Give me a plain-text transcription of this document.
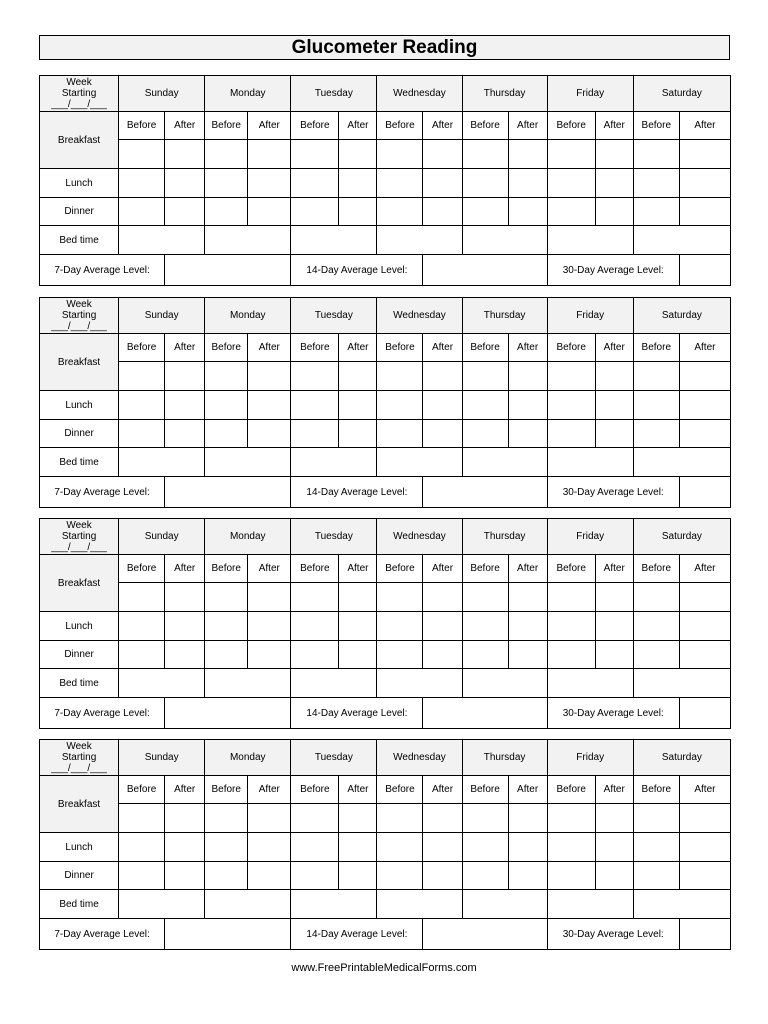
Glucometer Reading
Week
Starting
___/___/___	Sunday		Monday		Tuesday		Wednesday		Thursday		Friday		Saturday	
Breakfast	Before	After	Before	After	Before	After	Before	After	Before	After	Before	After	Before	After

Lunch														
Dinner														
Bed time														
7-Day Average Level:					14-Day Average Level:						30-Day Average Level:			
Week
Starting
___/___/___	Sunday		Monday		Tuesday		Wednesday		Thursday		Friday		Saturday	
Breakfast	Before	After	Before	After	Before	After	Before	After	Before	After	Before	After	Before	After

Lunch														
Dinner														
Bed time														
7-Day Average Level:					14-Day Average Level:						30-Day Average Level:			
Week
Starting
___/___/___	Sunday		Monday		Tuesday		Wednesday		Thursday		Friday		Saturday	
Breakfast	Before	After	Before	After	Before	After	Before	After	Before	After	Before	After	Before	After

Lunch														
Dinner														
Bed time														
7-Day Average Level:					14-Day Average Level:						30-Day Average Level:			
Week
Starting
___/___/___	Sunday		Monday		Tuesday		Wednesday		Thursday		Friday		Saturday	
Breakfast	Before	After	Before	After	Before	After	Before	After	Before	After	Before	After	Before	After

Lunch														
Dinner														
Bed time														
7-Day Average Level:					14-Day Average Level:						30-Day Average Level:			
www.FreePrintableMedicalForms.com
